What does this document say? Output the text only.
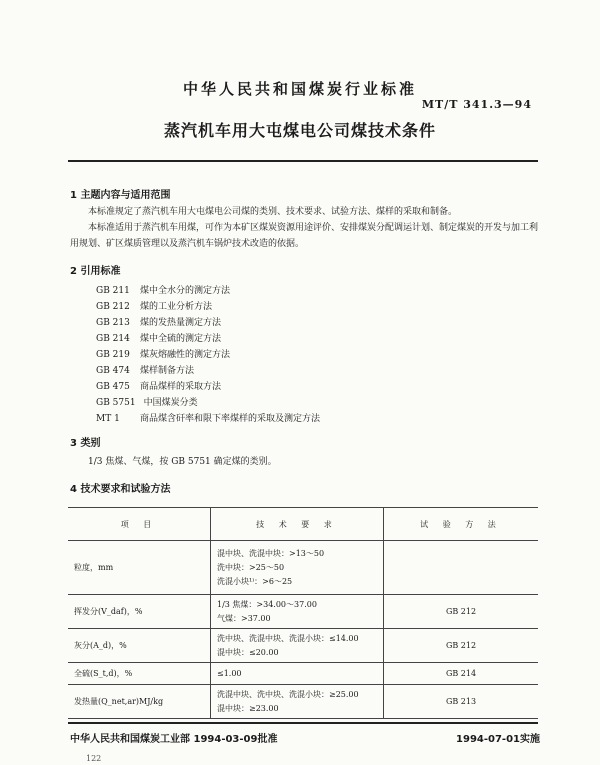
中华人民共和国煤炭行业标准
MT/T 341.3—94
蒸汽机车用大屯煤电公司煤技术条件
1 主题内容与适用范围
本标准规定了蒸汽机车用大屯煤电公司煤的类别、技术要求、试验方法、煤样的采取和制备。
本标准适用于蒸汽机车用煤，可作为本矿区煤炭资源用途评价、安排煤炭分配调运计划、制定煤炭的开发与加工利用规划、矿区煤质管理以及蒸汽机车锅炉技术改造的依据。
2 引用标准
GB 211 煤中全水分的测定方法
GB 212 煤的工业分析方法
GB 213 煤的发热量测定方法
GB 214 煤中全硫的测定方法
GB 219 煤灰熔融性的测定方法
GB 474 煤样制备方法
GB 475 商品煤样的采取方法
GB 5751 中国煤炭分类
MT 1 商品煤含矸率和限下率煤样的采取及测定方法
3 类别
1/3 焦煤、气煤，按 GB 5751 确定煤的类别。
4 技术要求和试验方法
项 目	技 术 要 求	试 验 方 法
粒度，mm	混中块、洗混中块：>13～50
洗中块：>25～50
洗混小块¹⁾：>6～25	

挥发分(V_daf)，%	1/3 焦煤：>34.00～37.00
气煤：>37.00	GB 212
灰分(A_d)，%	洗中块、洗混中块、洗混小块：≤14.00
混中块：≤20.00	GB 212
全硫(S_t,d)，%	≤1.00	GB 214
发热量(Q_net,ar)MJ/kg	洗混中块、洗中块、洗混小块：≥25.00
混中块：≥23.00	GB 213
中华人民共和国煤炭工业部 1994-03-09批准	1994-07-01实施
122
